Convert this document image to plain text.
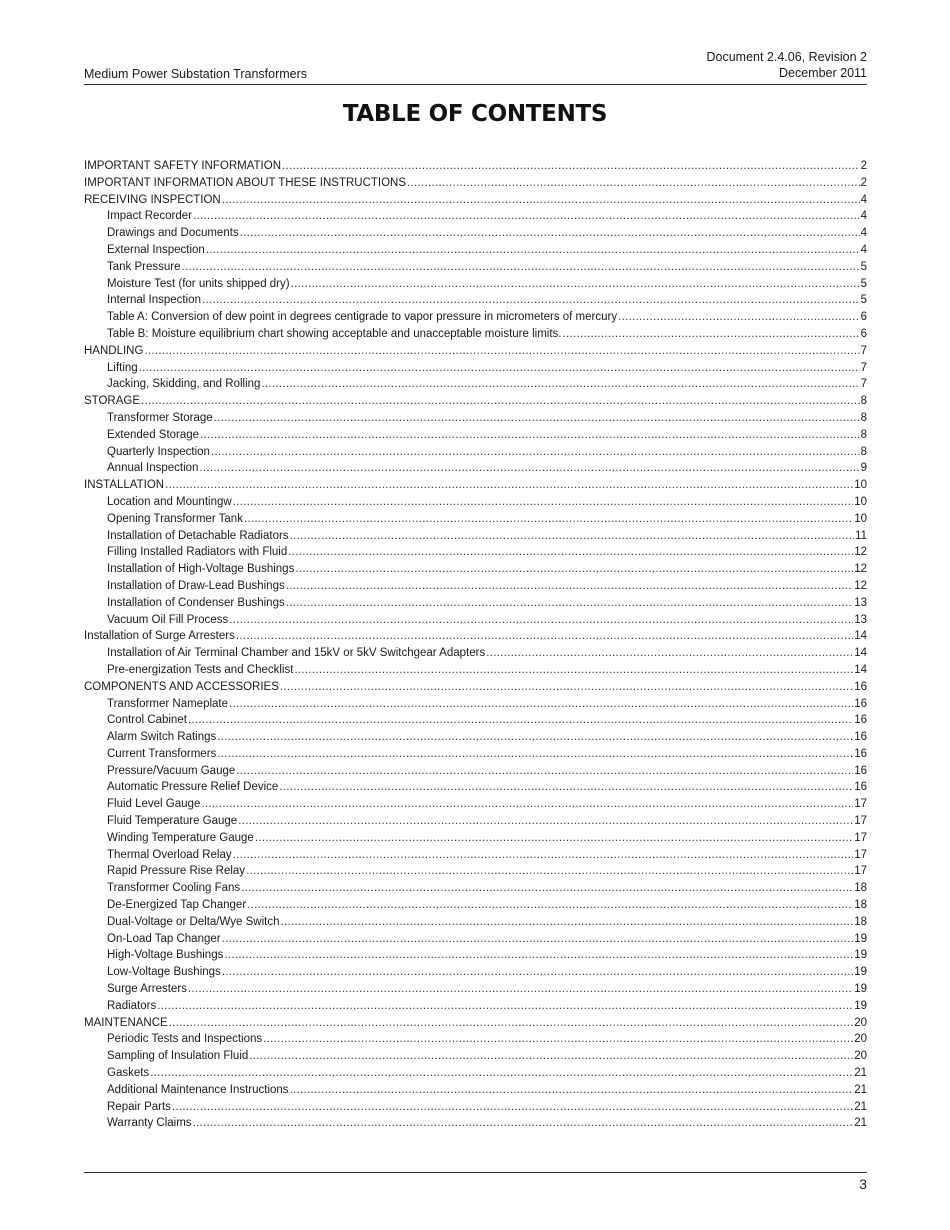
Medium Power Substation Transformers
Document 2.4.06, Revision 2
December 2011
TABLE OF CONTENTS
IMPORTANT SAFETY INFORMATION .....	2
IMPORTANT INFORMATION ABOUT THESE INSTRUCTIONS .....	2
RECEIVING INSPECTION .....	4
Impact Recorder .....	4
Drawings and Documents .....	4
External Inspection .....	4
Tank Pressure .....	5
Moisture Test (for units shipped dry) .....	5
Internal Inspection .....	5
Table A: Conversion of dew point in degrees centigrade to vapor pressure in micrometers of mercury .....	6
Table B: Moisture equilibrium chart showing acceptable and unacceptable moisture limits. .....	6
HANDLING .....	7
Lifting .....	7
Jacking, Skidding, and Rolling .....	7
STORAGE .....	8
Transformer Storage .....	8
Extended Storage .....	8
Quarterly Inspection .....	8
Annual Inspection .....	9
INSTALLATION .....	10
Location and Mountingw .....	10
Opening Transformer Tank .....	10
Installation of Detachable Radiators .....	11
Filling Installed Radiators with Fluid .....	12
Installation of High-Voltage Bushings .....	12
Installation of Draw-Lead Bushings .....	12
Installation of Condenser Bushings .....	13
Vacuum Oil Fill Process .....	13
Installation of Surge Arresters .....	14
Installation of Air Terminal Chamber and 15kV or 5kV Switchgear Adapters .....	14
Pre-energization Tests and Checklist .....	14
COMPONENTS AND ACCESSORIES .....	16
Transformer Nameplate .....	16
Control Cabinet .....	16
Alarm Switch Ratings .....	16
Current Transformers .....	16
Pressure/Vacuum Gauge .....	16
Automatic Pressure Relief Device .....	16
Fluid Level Gauge .....	17
Fluid Temperature Gauge .....	17
Winding Temperature Gauge .....	17
Thermal Overload Relay .....	17
Rapid Pressure Rise Relay .....	17
Transformer Cooling Fans .....	18
De-Energized Tap Changer .....	18
Dual-Voltage or Delta/Wye Switch .....	18
On-Load Tap Changer .....	19
High-Voltage Bushings .....	19
Low-Voltage Bushings .....	19
Surge Arresters .....	19
Radiators .....	19
MAINTENANCE .....	20
Periodic Tests and Inspections .....	20
Sampling of Insulation Fluid .....	20
Gaskets .....	21
Additional Maintenance Instructions .....	21
Repair Parts .....	21
Warranty Claims .....	21
3
